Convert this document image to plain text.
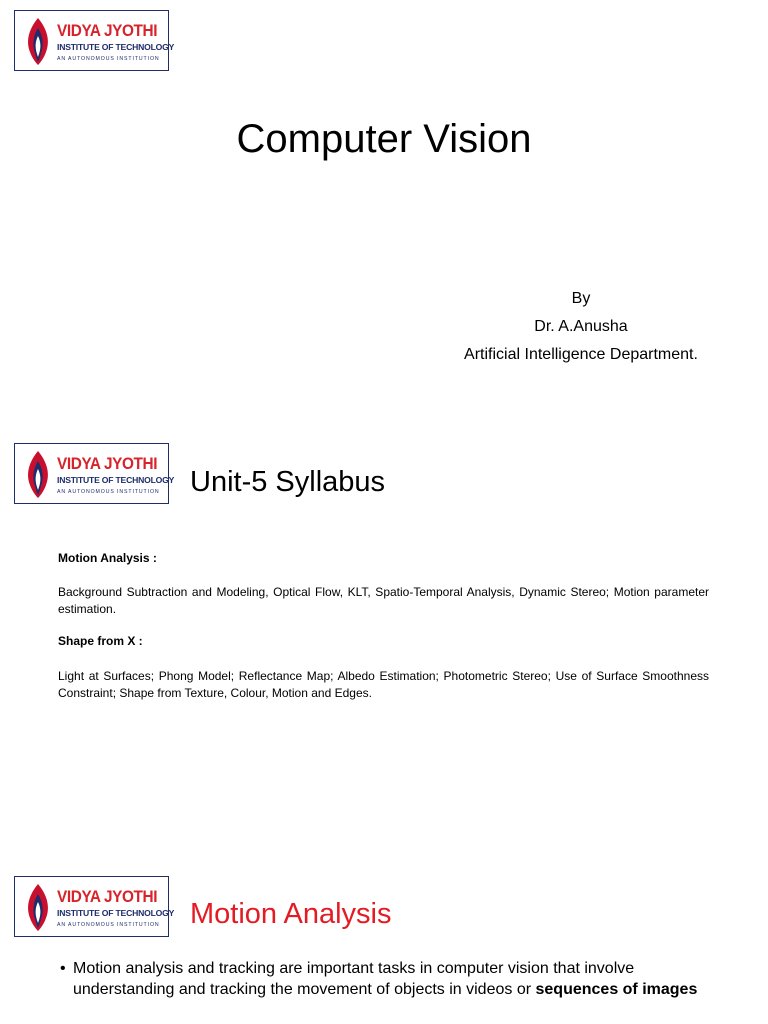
VIDYA JYOTHI
INSTITUTE OF TECHNOLOGY
AN AUTONOMOUS INSTITUTION
Computer Vision
By
Dr. A.Anusha
Artificial Intelligence Department.
VIDYA JYOTHI
INSTITUTE OF TECHNOLOGY
AN AUTONOMOUS INSTITUTION Unit-5 Syllabus
Motion Analysis :
Background Subtraction and Modeling, Optical Flow, KLT, Spatio-Temporal Analysis, Dynamic Stereo; Motion parameter estimation.
Shape from X :
Light at Surfaces; Phong Model; Reflectance Map; Albedo Estimation; Photometric Stereo; Use of Surface Smoothness Constraint; Shape from Texture, Colour, Motion and Edges.
VIDYA JYOTHI
INSTITUTE OF TECHNOLOGY
AN AUTONOMOUS INSTITUTION Motion Analysis
• Motion analysis and tracking are important tasks in computer vision that involve understanding and tracking the movement of objects in videos or sequences of images
